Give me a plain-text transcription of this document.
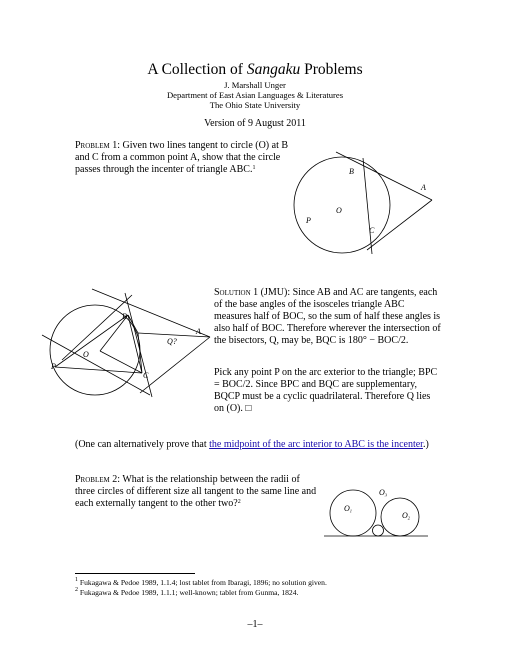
A Collection of Sangaku Problems
J. Marshall Unger
Department of East Asian Languages & Literatures
The Ohio State University
Version of 9 August 2011
Problem 1: Given two lines tangent to circle (O) at B and C from a common point A, show that the circle passes through the incenter of triangle ABC.$^1$	B
A
O
P
C
B
A
O
Q?
P
C
Solution 1 (JMU): Since AB and AC are tangents, each of the base angles of the isosceles triangle ABC measures half of BOC, so the sum of half these angles is also half of BOC. Therefore wherever the intersection of the bisectors, Q, may be, BQC is 180° − BOC/2.
Pick any point P on the arc exterior to the triangle; BPC = BOC/2. Since BPC and BQC are supplementary, BQCP must be a cyclic quadrilateral. Therefore Q lies on (O). □
(One can alternatively prove that the midpoint of the arc interior to ABC is the incenter.)
Problem 2: What is the relationship between the radii of three circles of different size all tangent to the same line and each externally tangent to the other two?$^2$
O1	O2
O3
$^1$ Fukagawa & Pedoe 1989, 1.1.4; lost tablet from Ibaragi, 1896; no solution given.
$^2$ Fukagawa & Pedoe 1989, 1.1.1; well-known; tablet from Gunma, 1824.
–1–
